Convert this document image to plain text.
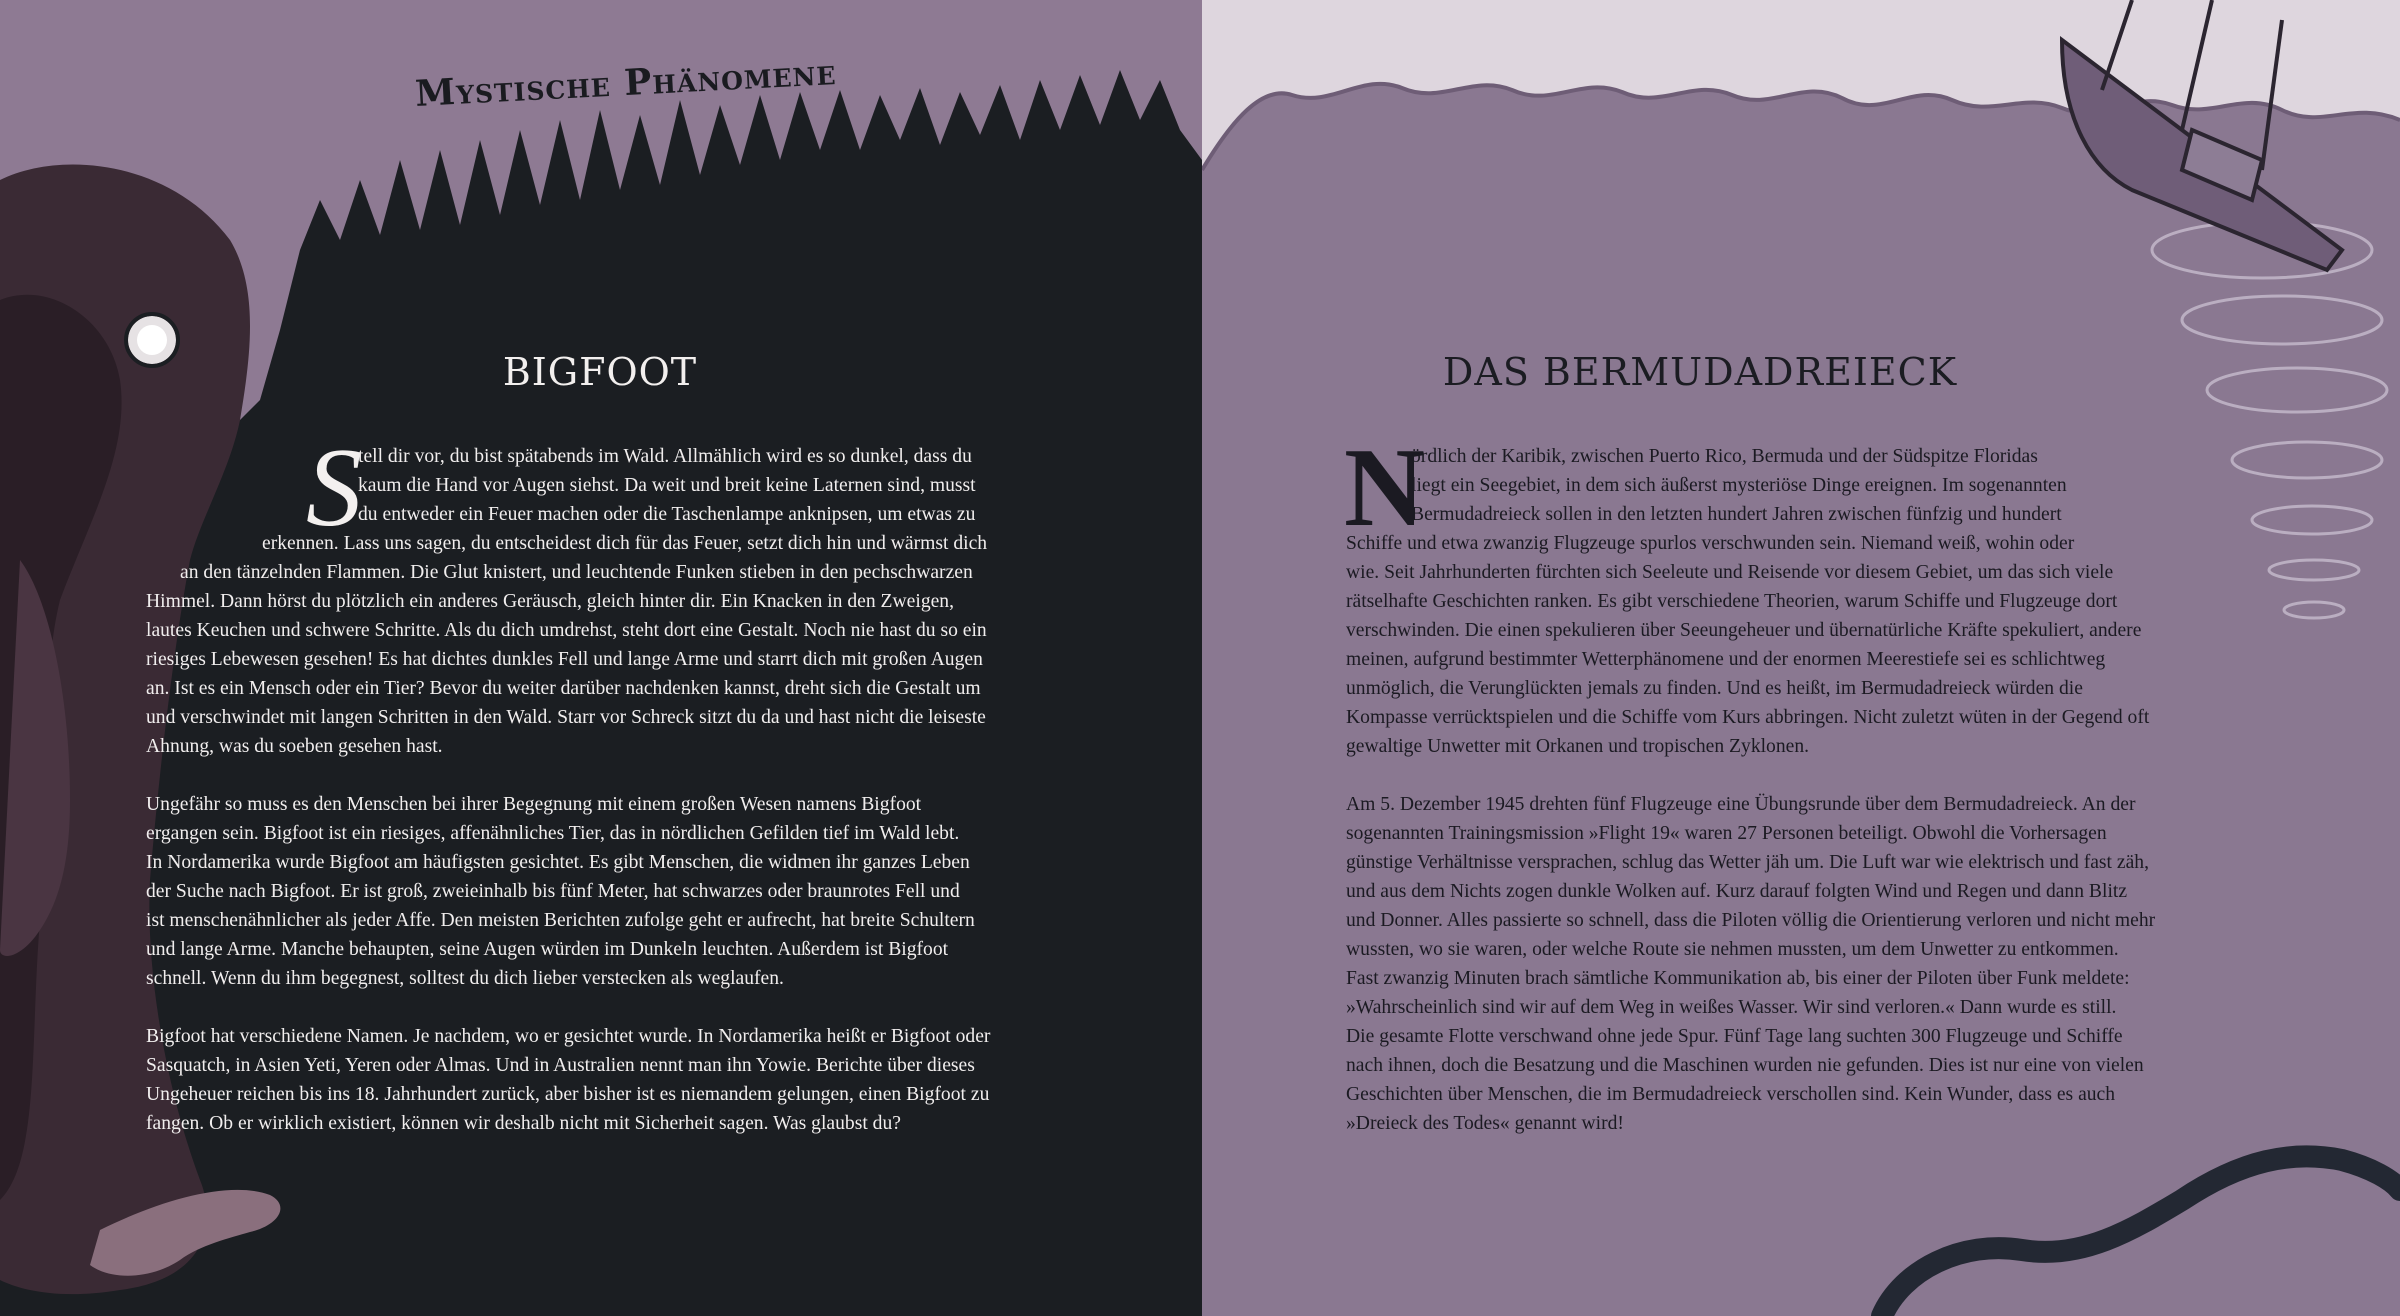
Mystische Phänomene
BIGFOOT
S
tell dir vor, du bist spätabends im Wald. Allmählich wird es so dunkel, dass du
kaum die Hand vor Augen siehst. Da weit und breit keine Laternen sind, musst
du entweder ein Feuer machen oder die Taschenlampe anknipsen, um etwas zu
erkennen. Lass uns sagen, du entscheidest dich für das Feuer, setzt dich hin und wärmst dich
an den tänzelnden Flammen. Die Glut knistert, und leuchtende Funken stieben in den pechschwarzen
Himmel. Dann hörst du plötzlich ein anderes Geräusch, gleich hinter dir. Ein Knacken in den Zweigen,
lautes Keuchen und schwere Schritte. Als du dich umdrehst, steht dort eine Gestalt. Noch nie hast du so ein
riesiges Lebewesen gesehen! Es hat dichtes dunkles Fell und lange Arme und starrt dich mit großen Augen
an. Ist es ein Mensch oder ein Tier? Bevor du weiter darüber nachdenken kannst, dreht sich die Gestalt um
und verschwindet mit langen Schritten in den Wald. Starr vor Schreck sitzt du da und hast nicht die leiseste
Ahnung, was du soeben gesehen hast.
Ungefähr so muss es den Menschen bei ihrer Begegnung mit einem großen Wesen namens Bigfoot
ergangen sein. Bigfoot ist ein riesiges, affenähnliches Tier, das in nördlichen Gefilden tief im Wald lebt.
In Nordamerika wurde Bigfoot am häufigsten gesichtet. Es gibt Menschen, die widmen ihr ganzes Leben
der Suche nach Bigfoot. Er ist groß, zweieinhalb bis fünf Meter, hat schwarzes oder braunrotes Fell und
ist menschenähnlicher als jeder Affe. Den meisten Berichten zufolge geht er aufrecht, hat breite Schultern
und lange Arme. Manche behaupten, seine Augen würden im Dunkeln leuchten. Außerdem ist Bigfoot
schnell. Wenn du ihm begegnest, solltest du dich lieber verstecken als weglaufen.
Bigfoot hat verschiedene Namen. Je nachdem, wo er gesichtet wurde. In Nordamerika heißt er Bigfoot oder
Sasquatch, in Asien Yeti, Yeren oder Almas. Und in Australien nennt man ihn Yowie. Berichte über dieses
Ungeheuer reichen bis ins 18. Jahrhundert zurück, aber bisher ist es niemandem gelungen, einen Bigfoot zu
fangen. Ob er wirklich existiert, können wir deshalb nicht mit Sicherheit sagen. Was glaubst du?
DAS BERMUDADREIECK
N
ördlich der Karibik, zwischen Puerto Rico, Bermuda und der Südspitze Floridas
liegt ein Seegebiet, in dem sich äußerst mysteriöse Dinge ereignen. Im sogenannten
Bermudadreieck sollen in den letzten hundert Jahren zwischen fünfzig und hundert
Schiffe und etwa zwanzig Flugzeuge spurlos verschwunden sein. Niemand weiß, wohin oder
wie. Seit Jahrhunderten fürchten sich Seeleute und Reisende vor diesem Gebiet, um das sich viele
rätselhafte Geschichten ranken. Es gibt verschiedene Theorien, warum Schiffe und Flugzeuge dort
verschwinden. Die einen spekulieren über Seeungeheuer und übernatürliche Kräfte spekuliert, andere
meinen, aufgrund bestimmter Wetterphänomene und der enormen Meerestiefe sei es schlichtweg
unmöglich, die Verunglückten jemals zu finden. Und es heißt, im Bermudadreieck würden die
Kompasse verrücktspielen und die Schiffe vom Kurs abbringen. Nicht zuletzt wüten in der Gegend oft
gewaltige Unwetter mit Orkanen und tropischen Zyklonen.
Am 5. Dezember 1945 drehten fünf Flugzeuge eine Übungsrunde über dem Bermudadreieck. An der
sogenannten Trainingsmission »Flight 19« waren 27 Personen beteiligt. Obwohl die Vorhersagen
günstige Verhältnisse versprachen, schlug das Wetter jäh um. Die Luft war wie elektrisch und fast zäh,
und aus dem Nichts zogen dunkle Wolken auf. Kurz darauf folgten Wind und Regen und dann Blitz
und Donner. Alles passierte so schnell, dass die Piloten völlig die Orientierung verloren und nicht mehr
wussten, wo sie waren, oder welche Route sie nehmen mussten, um dem Unwetter zu entkommen.
Fast zwanzig Minuten brach sämtliche Kommunikation ab, bis einer der Piloten über Funk meldete:
»Wahrscheinlich sind wir auf dem Weg in weißes Wasser. Wir sind verloren.« Dann wurde es still.
Die gesamte Flotte verschwand ohne jede Spur. Fünf Tage lang suchten 300 Flugzeuge und Schiffe
nach ihnen, doch die Besatzung und die Maschinen wurden nie gefunden. Dies ist nur eine von vielen
Geschichten über Menschen, die im Bermudadreieck verschollen sind. Kein Wunder, dass es auch
»Dreieck des Todes« genannt wird!
